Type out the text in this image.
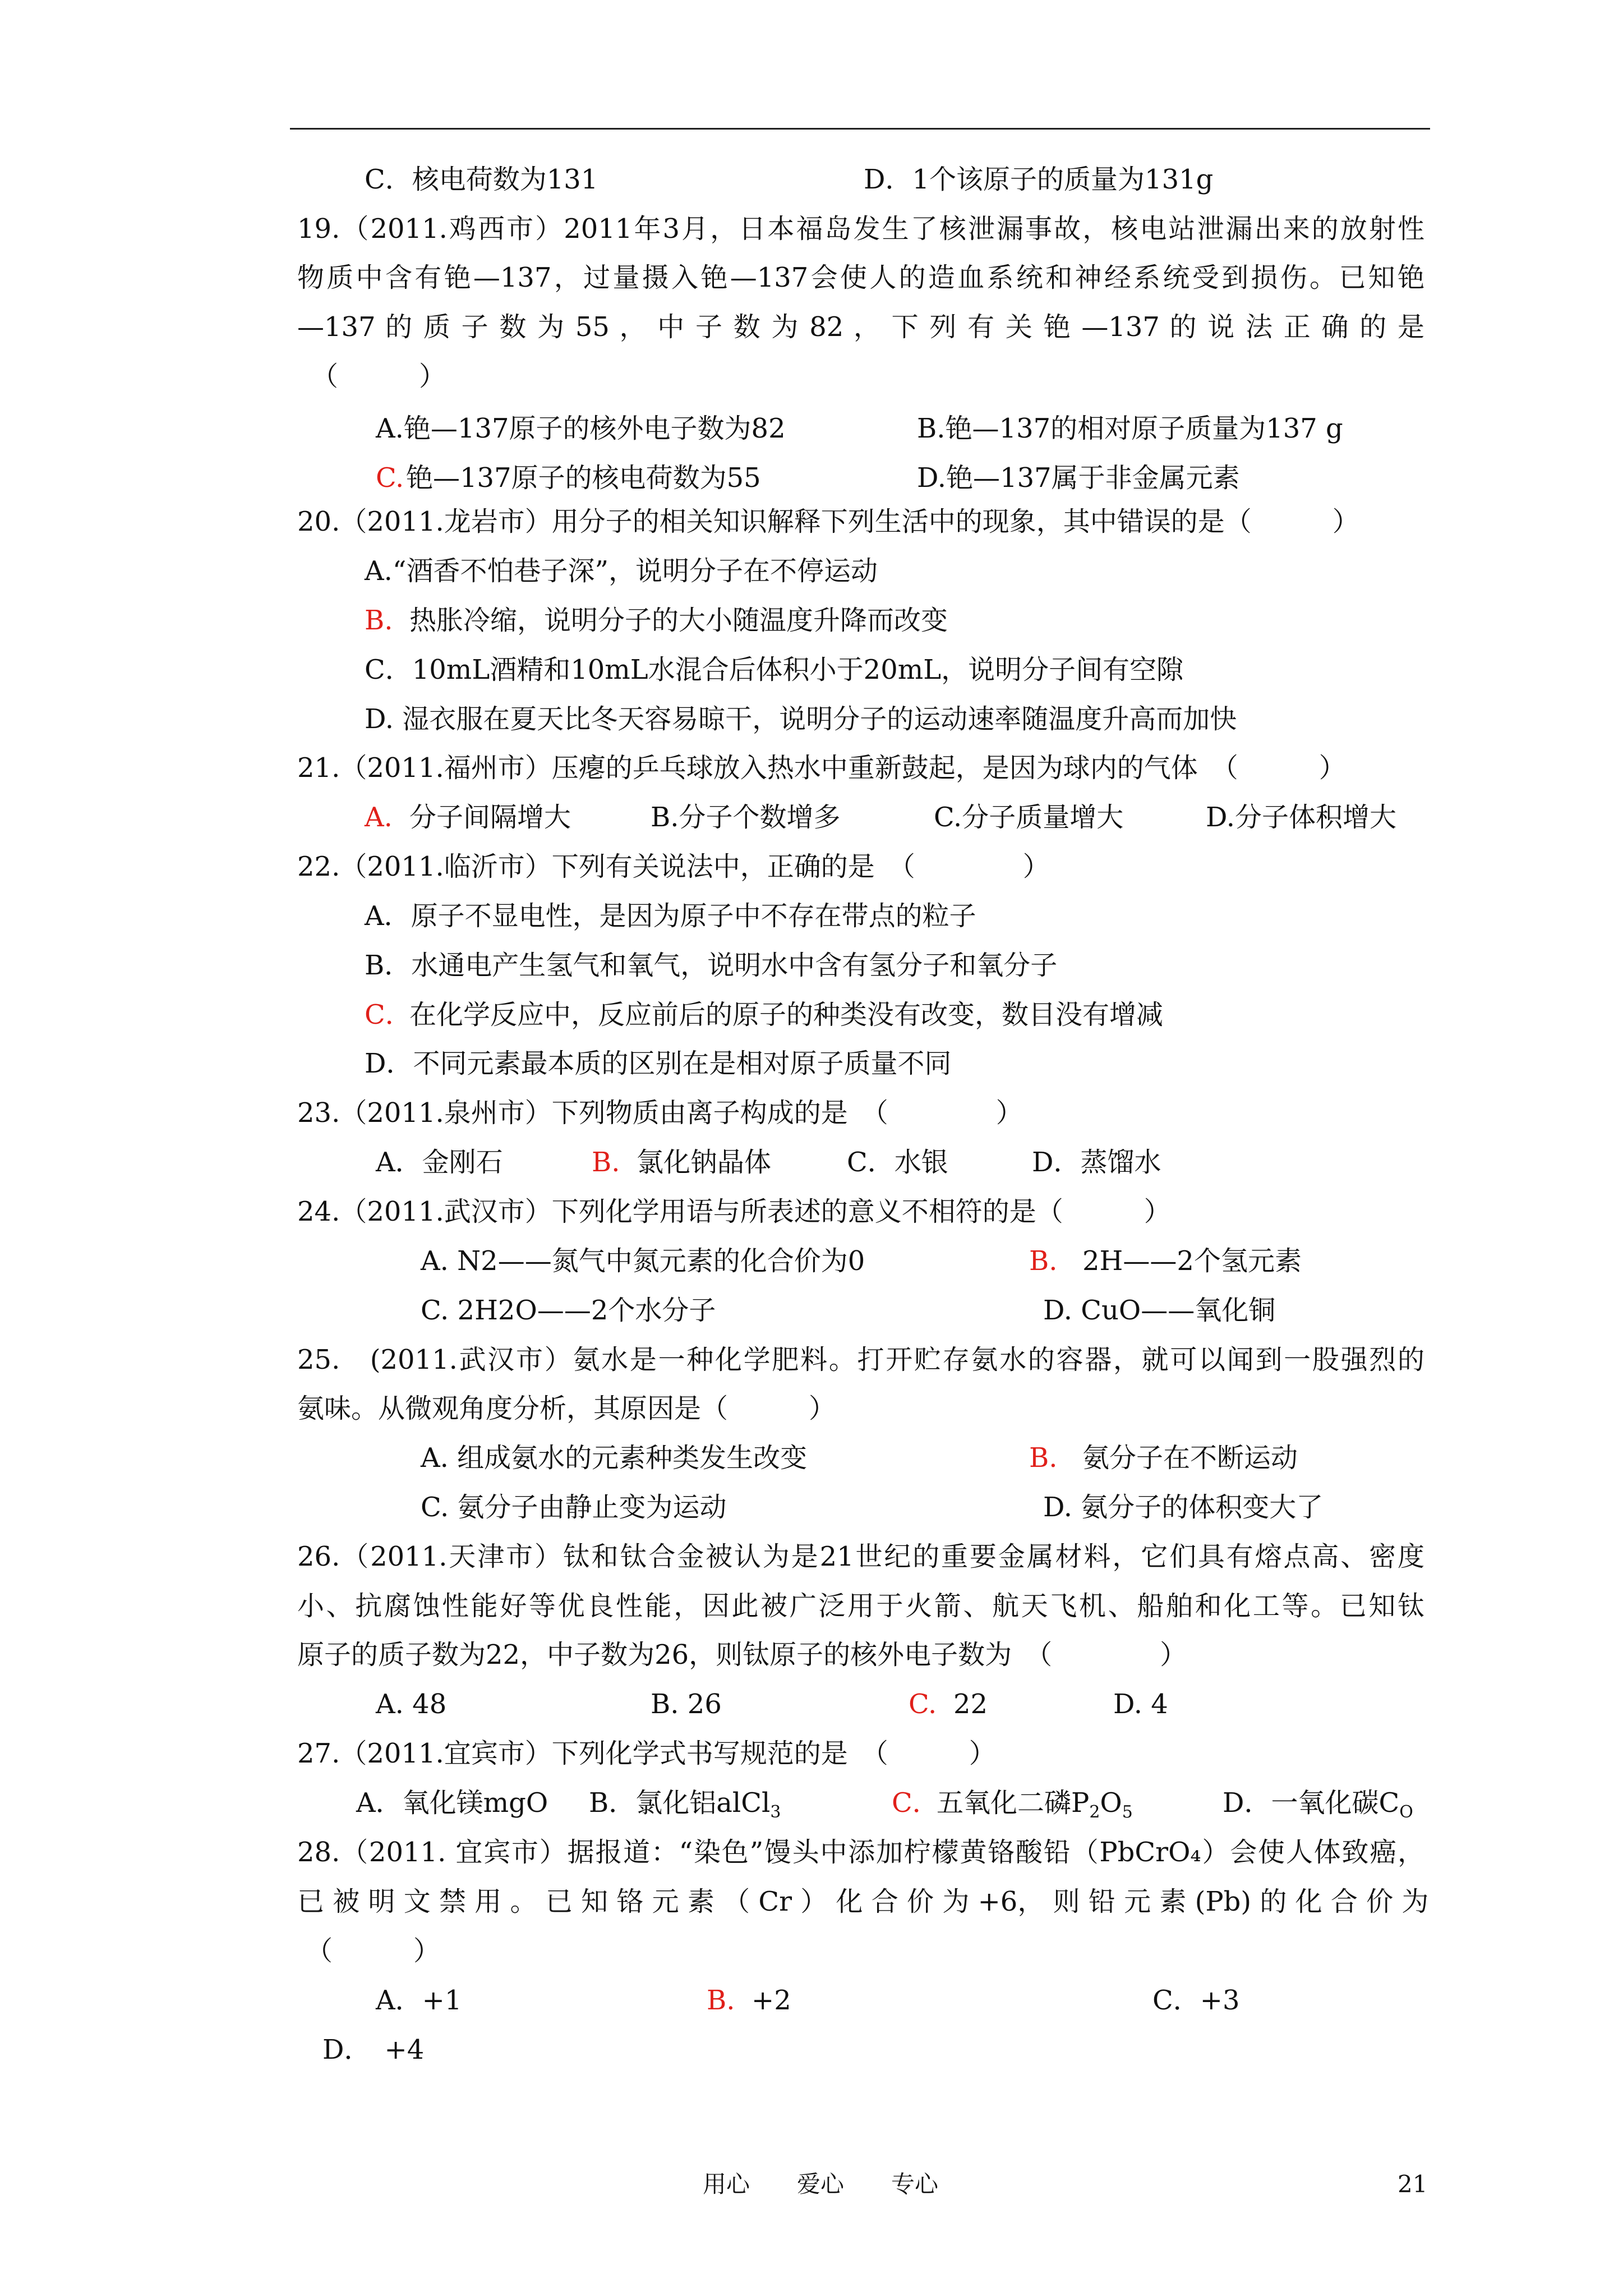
C．核电荷数为131	D．1个该原子的质量为131g
19.（2011.鸡西市）2011年3月，日本福岛发生了核泄漏事故，核电站泄漏出来的放射性
物质中含有铯—137，过量摄入铯—137会使人的造血系统和神经系统受到损伤。已知铯
—137 的 质 子 数 为 55 ， 中 子 数 为 82 ， 下 列 有 关 铯 —137 的 说 法 正 确 的 是
（　　　）
A.铯—137原子的核外电子数为82	B.铯—137的相对原子质量为137 g
C. 铯—137原子的核电荷数为55	D.铯—137属于非金属元素
20.（2011.龙岩市）用分子的相关知识解释下列生活中的现象，其中错误的是（　　　）
A.“酒香不怕巷子深”，说明分子在不停运动
B. 热胀冷缩，说明分子的大小随温度升降而改变
C．10mL酒精和10mL水混合后体积小于20mL，说明分子间有空隙
D. 湿衣服在夏天比冬天容易晾干，说明分子的运动速率随温度升高而加快
21.（2011.福州市）压瘪的乒乓球放入热水中重新鼓起，是因为球内的气体　（　　　）
A. 分子间隔增大	B.分子个数增多	C.分子质量增大	D.分子体积增大
22.（2011.临沂市）下列有关说法中，正确的是　（　　　　）
A．原子不显电性，是因为原子中不存在带点的粒子
B．水通电产生氢气和氧气，说明水中含有氢分子和氧分子
C．
在化学反应中，反应前后的原子的种类没有改变，数目没有增减
D．不同元素最本质的区别在是相对原子质量不同
23.（2011.泉州市）下列物质由离子构成的是　（　　　　）
A．金刚石	B. 氯化钠晶体	C．水银	D．蒸馏水
24.（2011.武汉市）下列化学用语与所表述的意义不相符的是（　　　）
A. N2——氮气中氮元素的化合价为0	B. 2H——2个氢元素
C. 2H2O——2个水分子	D. CuO——氧化铜
25.　(2011.武汉市）氨水是一种化学肥料。打开贮存氨水的容器，就可以闻到一股强烈的
氨味。从微观角度分析，其原因是（　　　）
A. 组成氨水的元素种类发生改变	B. 氨分子在不断运动
C. 氨分子由静止变为运动	D. 氨分子的体积变大了
26.（2011.天津市）钛和钛合金被认为是21世纪的重要金属材料，它们具有熔点高、密度
小、抗腐蚀性能好等优良性能，因此被广泛用于火箭、航天飞机、船舶和化工等。已知钛
原子的质子数为22，中子数为26，则钛原子的核外电子数为　（　　　　）
A. 48	B. 26	C. 22	D. 4
27.（2011.宜宾市）下列化学式书写规范的是　（　　　）
A．氧化镁mgO B．氯化铝alCl$_3$	C．
五氧化二磷$P_2O_5$	D．一氧化碳$C_O$
28.（2011. 宜宾市）据报道：“染色”馒头中添加柠檬黄铬酸铅（PbCrO₄）会使人体致癌，
已 被 明 文 禁 用 。 已 知 铬 元 素 （ Cr ） 化 合 价 为 +6， 则 铅 元 素 (Pb) 的 化 合 价 为
（　　　）
A．+1	B. +2	C．+3
D．　+4
用心　　爱心　　专心	21
